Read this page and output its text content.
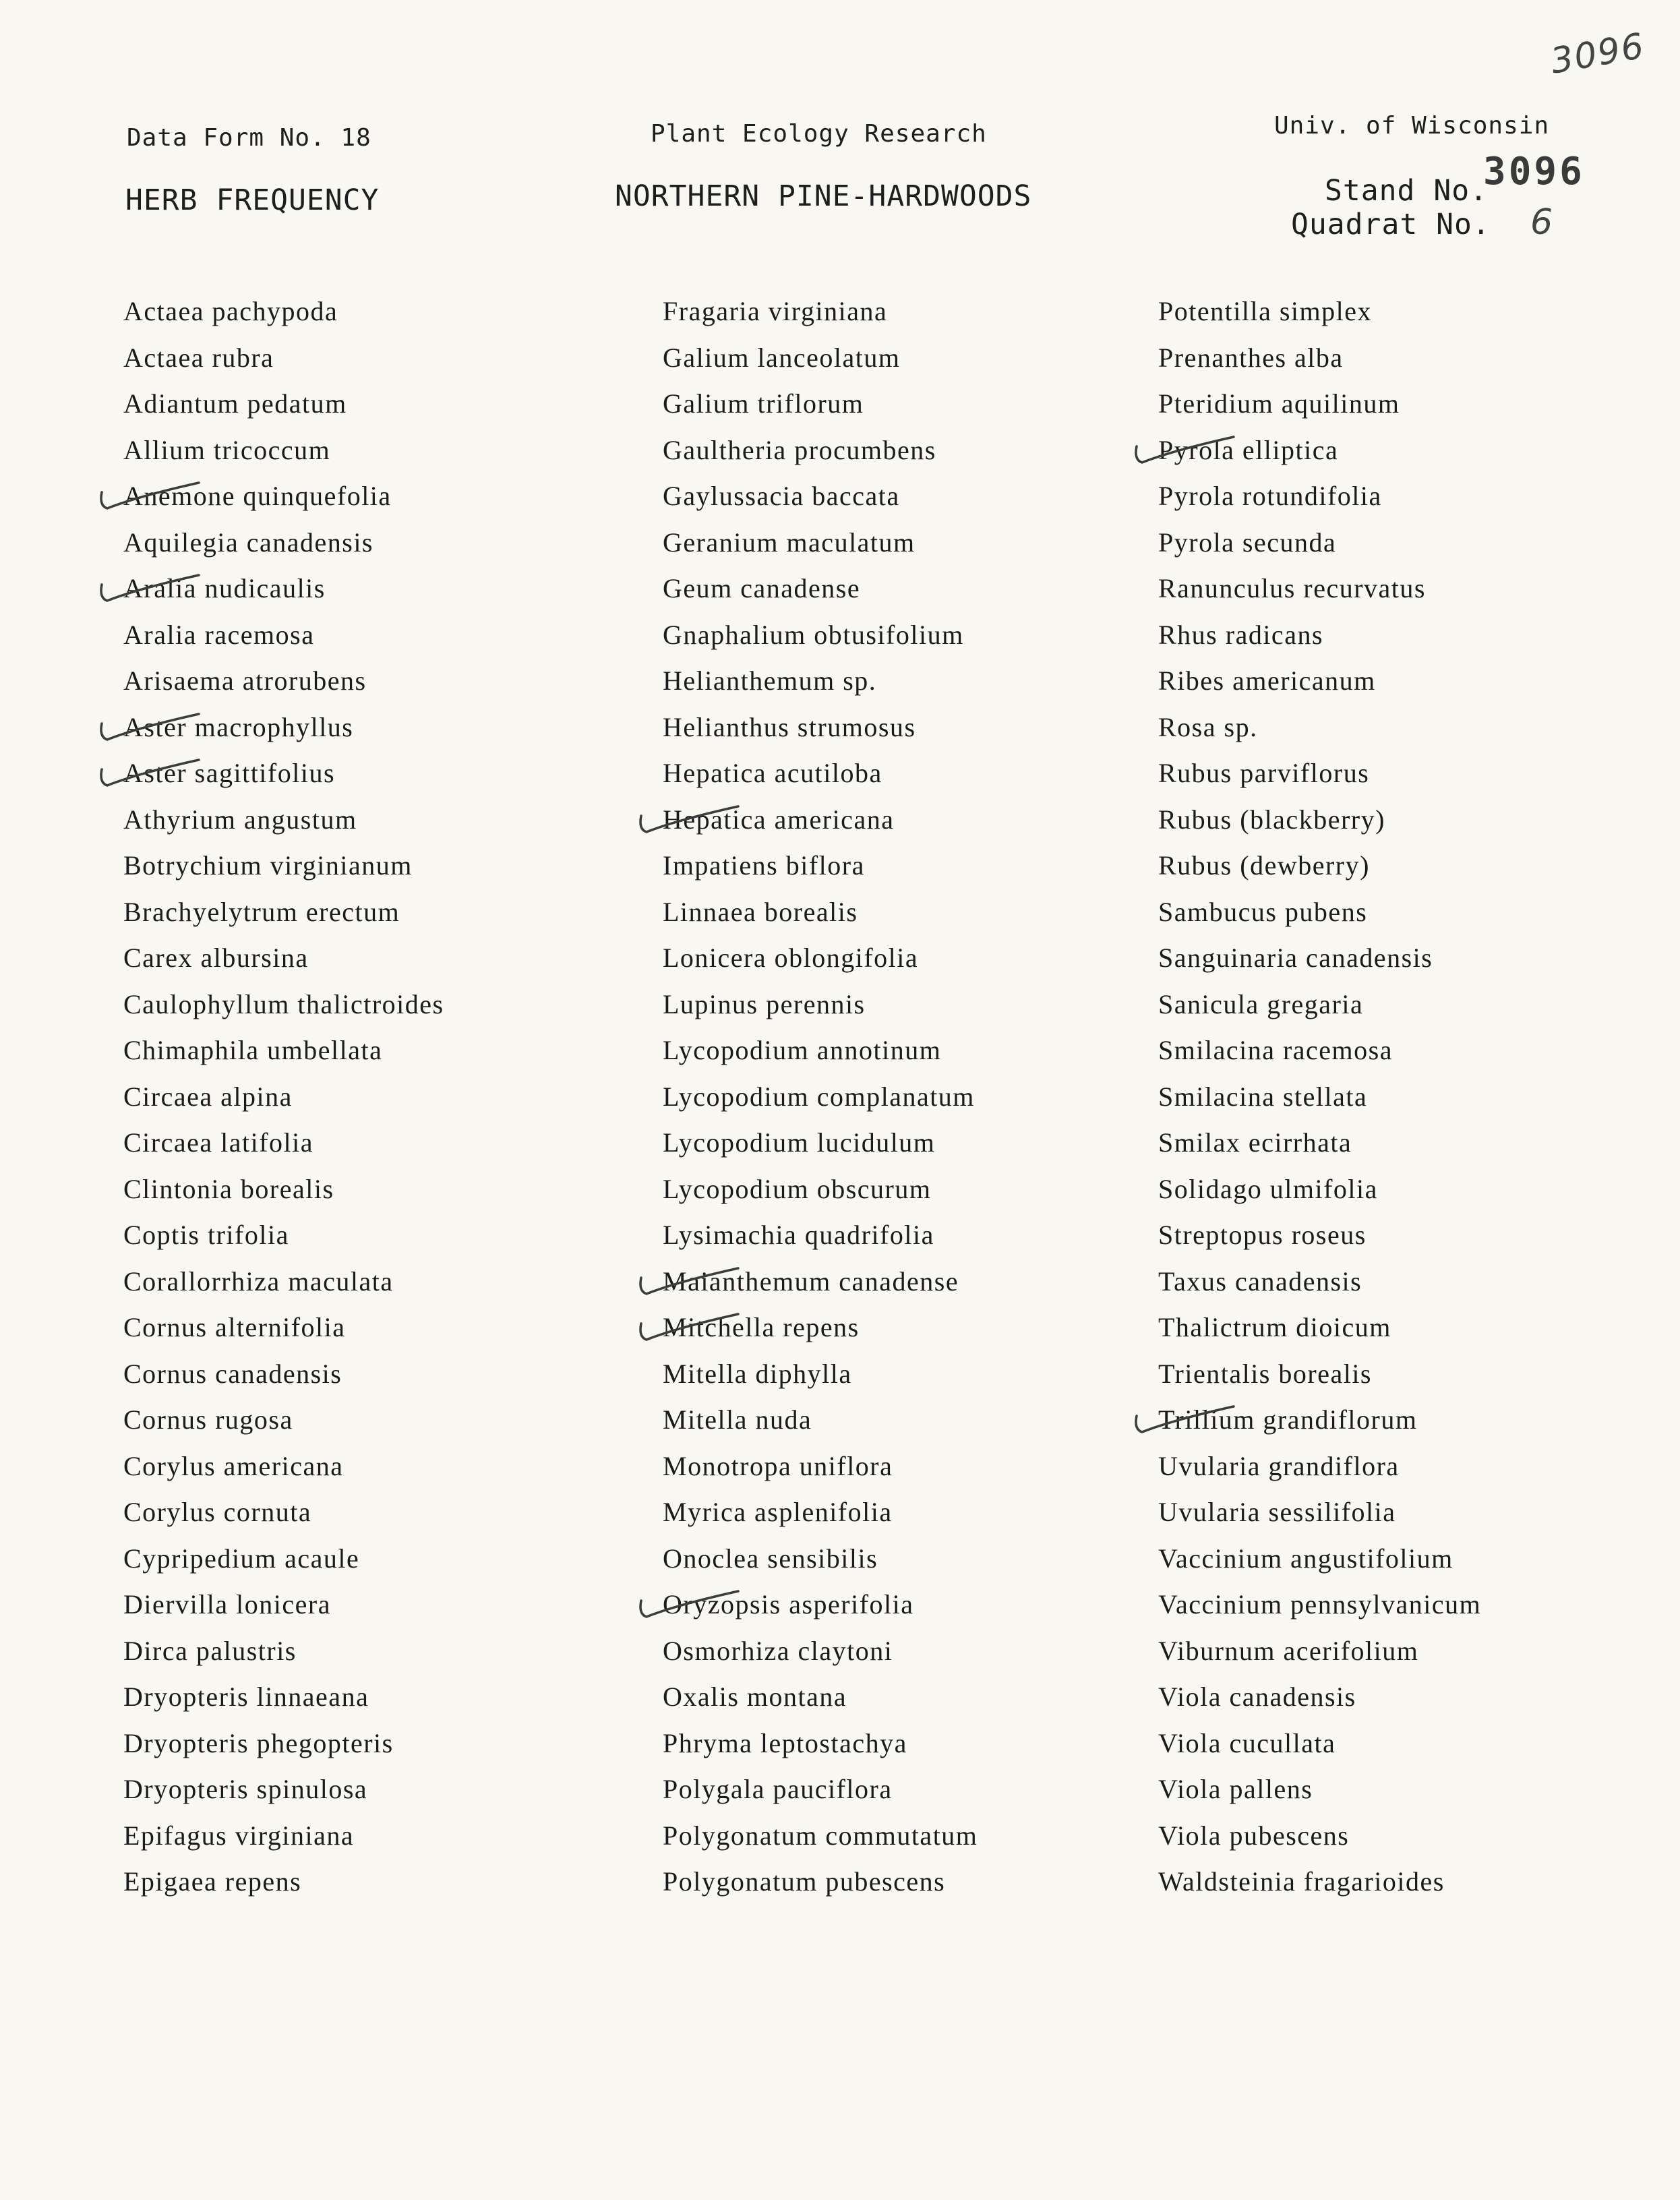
3096
Data Form No. 18	Plant Ecology Research	Univ. of Wisconsin
HERB FREQUENCY	NORTHERN PINE-HARDWOODS	Stand No.
3096
Quadrat No. 6
Actaea pachypoda
Actaea rubra
Adiantum pedatum
Allium tricoccum
Anemone quinquefolia
Aquilegia canadensis
Aralia nudicaulis
Aralia racemosa
Arisaema atrorubens
Aster macrophyllus
Aster sagittifolius
Athyrium angustum
Botrychium virginianum
Brachyelytrum erectum
Carex albursina
Caulophyllum thalictroides
Chimaphila umbellata
Circaea alpina
Circaea latifolia
Clintonia borealis
Coptis trifolia
Corallorrhiza maculata
Cornus alternifolia
Cornus canadensis
Cornus rugosa
Corylus americana
Corylus cornuta
Cypripedium acaule
Diervilla lonicera
Dirca palustris
Dryopteris linnaeana
Dryopteris phegopteris
Dryopteris spinulosa
Epifagus virginiana
Epigaea repens
Fragaria virginiana
Galium lanceolatum
Galium triflorum
Gaultheria procumbens
Gaylussacia baccata
Geranium maculatum
Geum canadense
Gnaphalium obtusifolium
Helianthemum sp.
Helianthus strumosus
Hepatica acutiloba
Hepatica americana
Impatiens biflora
Linnaea borealis
Lonicera oblongifolia
Lupinus perennis
Lycopodium annotinum
Lycopodium complanatum
Lycopodium lucidulum
Lycopodium obscurum
Lysimachia quadrifolia
Maianthemum canadense
Mitchella repens
Mitella diphylla
Mitella nuda
Monotropa uniflora
Myrica asplenifolia
Onoclea sensibilis
Oryzopsis asperifolia
Osmorhiza claytoni
Oxalis montana
Phryma leptostachya
Polygala pauciflora
Polygonatum commutatum
Polygonatum pubescens
Potentilla simplex
Prenanthes alba
Pteridium aquilinum
Pyrola elliptica
Pyrola rotundifolia
Pyrola secunda
Ranunculus recurvatus
Rhus radicans
Ribes americanum
Rosa sp.
Rubus parviflorus
Rubus (blackberry)
Rubus (dewberry)
Sambucus pubens
Sanguinaria canadensis
Sanicula gregaria
Smilacina racemosa
Smilacina stellata
Smilax ecirrhata
Solidago ulmifolia
Streptopus roseus
Taxus canadensis
Thalictrum dioicum
Trientalis borealis
Trillium grandiflorum
Uvularia grandiflora
Uvularia sessilifolia
Vaccinium angustifolium
Vaccinium pennsylvanicum
Viburnum acerifolium
Viola canadensis
Viola cucullata
Viola pallens
Viola pubescens
Waldsteinia fragarioides
